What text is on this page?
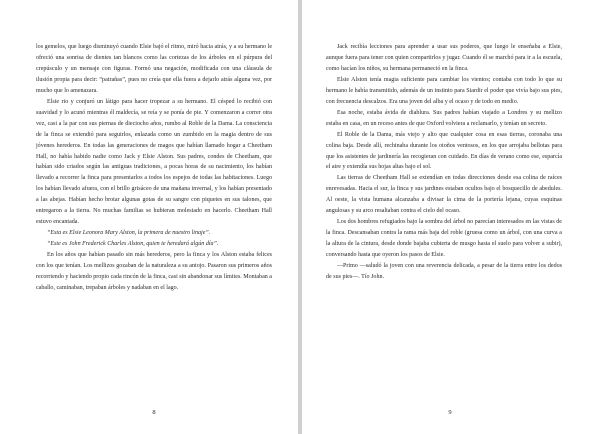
los gemelos, que luego disminuyó cuando Elsie bajó el ritmo, miró hacia atrás, y a su hermano le ofreció una sonrisa de dientes tan blancos como las cortezas de los árboles en el púrpura del crepúsculo y un mensaje con figuras. Formó una negación, modificada con una cláusula de ilusión propia para decir: “patrañas”, pues no creía que ella fuera a dejarlo atrás alguna vez, por mucho que lo amenazara.

Elsie rio y conjuró un látigo para hacer tropezar a su hermano. El césped lo recibió con suavidad y lo acunó mientras él maldecía, se reía y se ponía de pie. Y comenzaron a correr otra vez, casi a la par con sus piernas de dieciocho años, rumbo al Roble de la Dama. La consciencia de la finca se extendió para seguirlos, enlazada como un zumbido en la magia dentro de sus jóvenes herederos. En todas las generaciones de magos que habían llamado hogar a Cheetham Hall, no había habido nadie como Jack y Elsie Alston. Sus padres, condes de Cheetham, que habían sido criados según las antiguas tradiciones, a pocas horas de su nacimiento, los habían llevado a recorrer la finca para presentarlos a todos los espejos de todas las habitaciones. Luego los habían llevado afuera, con el brillo grisáceo de una mañana invernal, y los habían presentado a las abejas. Habían hecho brotar algunas gotas de su sangre con piquetes en sus talones, que entregaron a la tierra. No muchas familias se hubieran molestado en hacerlo. Cheetham Hall estuvo encantada.

“Esta es Elsie Leonora Mary Alston, la primera de nuestro linaje”.

“Este es John Frederick Charles Alston, quien te heredará algún día”.

En los años que habían pasado sin más herederos, pero la finca y los Alston estaba felices con los que tenían. Los mellizos gozaban de la naturaleza a su antojo. Pasaron sus primeros años recorriendo y haciendo propio cada rincón de la finca, casi sin abandonar sus límites. Montaban a caballo, caminaban, trepaban árboles y nadaban en el lago.

8

Jack recibía lecciones para aprender a usar sus poderes, que luego le enseñaba a Elsie, aunque fuera para tener con quien compartirlos y jugar. Cuando él se marchó para ir a la escuela, como hacían los niños, su hermana permaneció en la finca.

Elsie Alston tenía magia suficiente para cambiar los vientos; contaba con todo lo que su hermano le había transmitido, además de un instinto para Siardir el poder que vivía bajo sus pies, con frecuencia descalzos. Era una joven del alba y el ocaso y de todo en medio.

Esa noche, estaba ávida de diablura. Sus padres habían viajado a Londres y su mellizo estaba en casa, en un receso antes de que Oxford volviera a reclamarlo, y tenían un secreto.

El Roble de la Dama, más viejo y alto que cualquier cosa en esas tierras, coronaba una colina baja. Desde allí, rechinaba durante los otoños ventosos, en los que arrojaba bellotas para que los asistentes de jardinería las recogieran con cuidado. En días de verano como ese, esparcía el aire y extendía sus hojas altas bajo el sol.

Las tierras de Cheetham Hall se extendían en todas direcciones desde esa colina de raíces enrevesadas. Hacia el sur, la finca y sus jardines estaban ocultos bajo el bosquecillo de abedules. Al oeste, la vista humana alcanzaba a divisar la cima de la portería lejana, cuyas esquinas angulosas y su arco resaltaban contra el cielo del ocaso.

Los dos hombres refugiados bajo la sombra del árbol no parecían interesados en las vistas de la finca. Descansaban contra la rama más baja del roble (gruesa como un árbol, con una curva a la altura de la cintura, desde donde bajaba cubierta de musgo hasta el suelo para volver a subir), conversando hasta que oyeron los pasos de Elsie.

—Primo —saludó la joven con una reverencia delicada, a pesar de la tierra entre los dedos de sus pies—. Tío John.

9
